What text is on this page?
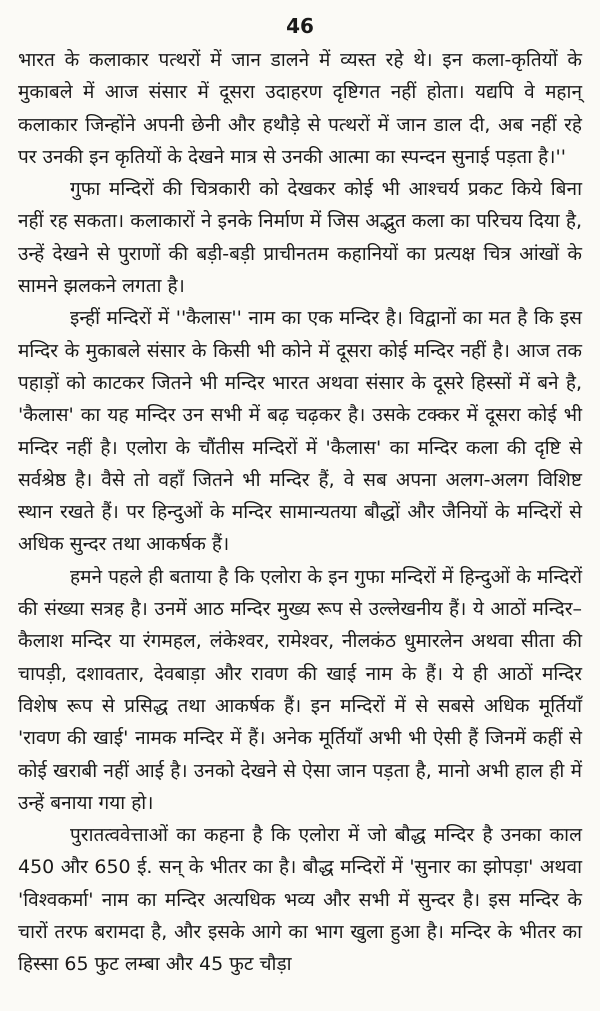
46

भारत के कलाकार पत्थरों में जान डालने में व्यस्त रहे थे। इन कला-कृतियों के मुकाबले में आज संसार में दूसरा उदाहरण दृष्टिगत नहीं होता। यद्यपि वे महान् कलाकार जिन्होंने अपनी छेनी और हथौड़े से पत्थरों में जान डाल दी, अब नहीं रहे पर उनकी इन कृतियों के देखने मात्र से उनकी आत्मा का स्पन्दन सुनाई पड़ता है।''

गुफा मन्दिरों की चित्रकारी को देखकर कोई भी आश्चर्य प्रकट किये बिना नहीं रह सकता। कलाकारों ने इनके निर्माण में जिस अद्भुत कला का परिचय दिया है, उन्हें देखने से पुराणों की बड़ी-बड़ी प्राचीनतम कहानियों का प्रत्यक्ष चित्र आंखों के सामने झलकने लगता है।

इन्हीं मन्दिरों में ''कैलास'' नाम का एक मन्दिर है। विद्वानों का मत है कि इस मन्दिर के मुकाबले संसार के किसी भी कोने में दूसरा कोई मन्दिर नहीं है। आज तक पहाड़ों को काटकर जितने भी मन्दिर भारत अथवा संसार के दूसरे हिस्सों में बने है, 'कैलास' का यह मन्दिर उन सभी में बढ़ चढ़कर है। उसके टक्कर में दूसरा कोई भी मन्दिर नहीं है। एलोरा के चौंतीस मन्दिरों में 'कैलास' का मन्दिर कला की दृष्टि से सर्वश्रेष्ठ है। वैसे तो वहाँ जितने भी मन्दिर हैं, वे सब अपना अलग-अलग विशिष्ट स्थान रखते हैं। पर हिन्दुओं के मन्दिर सामान्यतया बौद्धों और जैनियों के मन्दिरों से अधिक सुन्दर तथा आकर्षक हैं।

हमने पहले ही बताया है कि एलोरा के इन गुफा मन्दिरों में हिन्दुओं के मन्दिरों की संख्या सत्रह है। उनमें आठ मन्दिर मुख्य रूप से उल्लेखनीय हैं। ये आठों मन्दिर–कैलाश मन्दिर या रंगमहल, लंकेश्वर, रामेश्वर, नीलकंठ धुमारलेन अथवा सीता की चापड़ी, दशावतार, देवबाड़ा और रावण की खाई नाम के हैं। ये ही आठों मन्दिर विशेष रूप से प्रसिद्ध तथा आकर्षक हैं। इन मन्दिरों में से सबसे अधिक मूर्तियाँ 'रावण की खाई' नामक मन्दिर में हैं। अनेक मूर्तियाँ अभी भी ऐसी हैं जिनमें कहीं से कोई खराबी नहीं आई है। उनको देखने से ऐसा जान पड़ता है, मानो अभी हाल ही में उन्हें बनाया गया हो।

पुरातत्ववेत्ताओं का कहना है कि एलोरा में जो बौद्ध मन्दिर है उनका काल 450 और 650 ई. सन् के भीतर का है। बौद्ध मन्दिरों में 'सुनार का झोपड़ा' अथवा 'विश्वकर्मा' नाम का मन्दिर अत्यधिक भव्य और सभी में सुन्दर है। इस मन्दिर के चारों तरफ बरामदा है, और इसके आगे का भाग खुला हुआ है। मन्दिर के भीतर का हिस्सा 65 फुट लम्बा और 45 फुट चौड़ा
